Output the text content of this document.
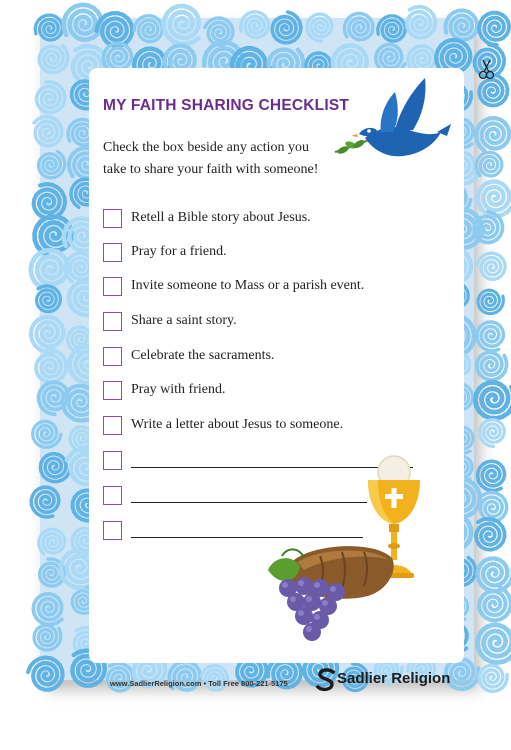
MY FAITH SHARING CHECKLIST
Check the box beside any action you take to share your faith with someone!
Retell a Bible story about Jesus.
Pray for a friend.
Invite someone to Mass or a parish event.
Share a saint story.
Celebrate the sacraments.
Pray with friend.
Write a letter about Jesus to someone.
www.SadlierReligion.com • Toll Free 800-221-5175	Sadlier Religion
